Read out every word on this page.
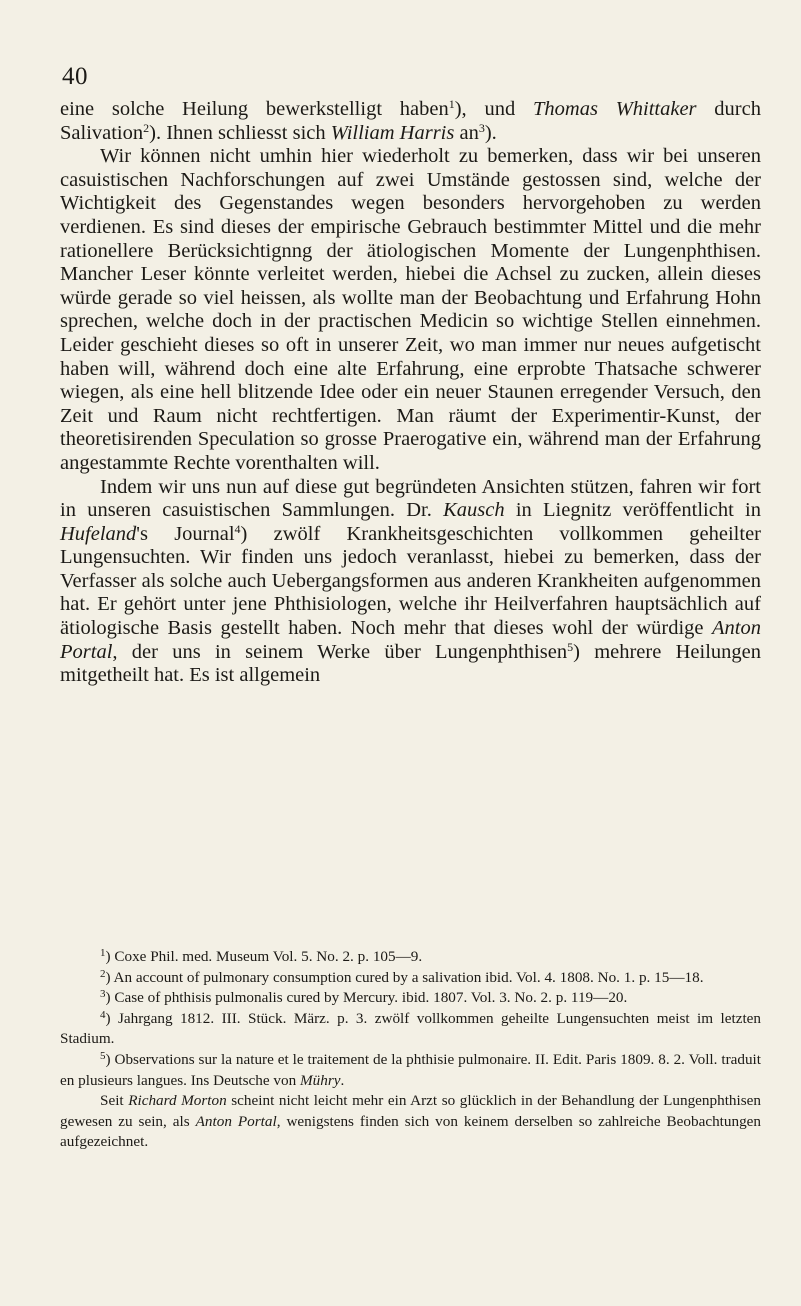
40

eine solche Heilung bewerkstelligt haben$^1$), und Thomas Whittaker durch Salivation$^2$). Ihnen schliesst sich William Harris $an^3$).

Wir können nicht umhin hier wiederholt zu bemerken, dass wir bei unseren casuistischen Nachforschungen auf zwei Umstände gestossen sind, welche der Wichtigkeit des Gegenstandes wegen besonders hervorgehoben zu werden verdienen. Es sind dieses der empirische Gebrauch bestimmter Mittel und die mehr rationellere Berücksichtignng der ätiologischen Momente der Lungenphthisen. Mancher Leser könnte verleitet werden, hiebei die Achsel zu zucken, allein dieses würde gerade so viel heissen, als wollte man der Beobachtung und Erfahrung Hohn sprechen, welche doch in der practischen Medicin so wichtige Stellen einnehmen. Leider geschieht dieses so oft in unserer Zeit, wo man immer nur neues aufgetischt haben will, während doch eine alte Erfahrung, eine erprobte Thatsache schwerer wiegen, als eine hell blitzende Idee oder ein neuer Staunen erregender Versuch, den Zeit und Raum nicht rechtfertigen. Man räumt der Experimentir-Kunst, der theoretisirenden Speculation so grosse Praerogative ein, während man der Erfahrung angestammte Rechte vorenthalten will.

Indem wir uns nun auf diese gut begründeten Ansichten stützen, fahren wir fort in unseren casuistischen Sammlungen. Dr. Kausch in Liegnitz veröffentlicht in Hufeland's Journal$^4$) zwölf Krankheitsgeschichten vollkommen geheilter Lungensuchten. Wir finden uns jedoch veranlasst, hiebei zu bemerken, dass der Verfasser als solche auch Uebergangsformen aus anderen Krankheiten aufgenommen hat. Er gehört unter jene Phthisiologen, welche ihr Heilverfahren hauptsächlich auf ätiologische Basis gestellt haben. Noch mehr that dieses wohl der würdige Anton Portal, der uns in seinem Werke über Lungenphthisen$^5$) mehrere Heilungen mitgetheilt hat. Es ist allgemein

$^1$) Coxe Phil. med. Museum Vol. 5. No. 2. p. 105—9.

$^2$) An account of pulmonary consumption cured by a salivation ibid. Vol. 4. 1808. No. 1. p. 15—18.

$^3$) Case of phthisis pulmonalis cured by Mercury. ibid. 1807. Vol. 3. No. 2. p. 119—20.

$^4$) Jahrgang 1812. III. Stück. März. p. 3. zwölf vollkommen geheilte Lungensuchten meist im letzten Stadium.

$^5$) Observations sur la nature et le traitement de la phthisie pulmonaire. II. Edit. Paris 1809. 8. 2. Voll. traduit en plusieurs langues. Ins Deutsche von Mühry.

Seit Richard Morton scheint nicht leicht mehr ein Arzt so glücklich in der Behandlung der Lungenphthisen gewesen zu sein, als Anton Portal, wenigstens finden sich von keinem derselben so zahlreiche Beobachtungen aufgezeichnet.
